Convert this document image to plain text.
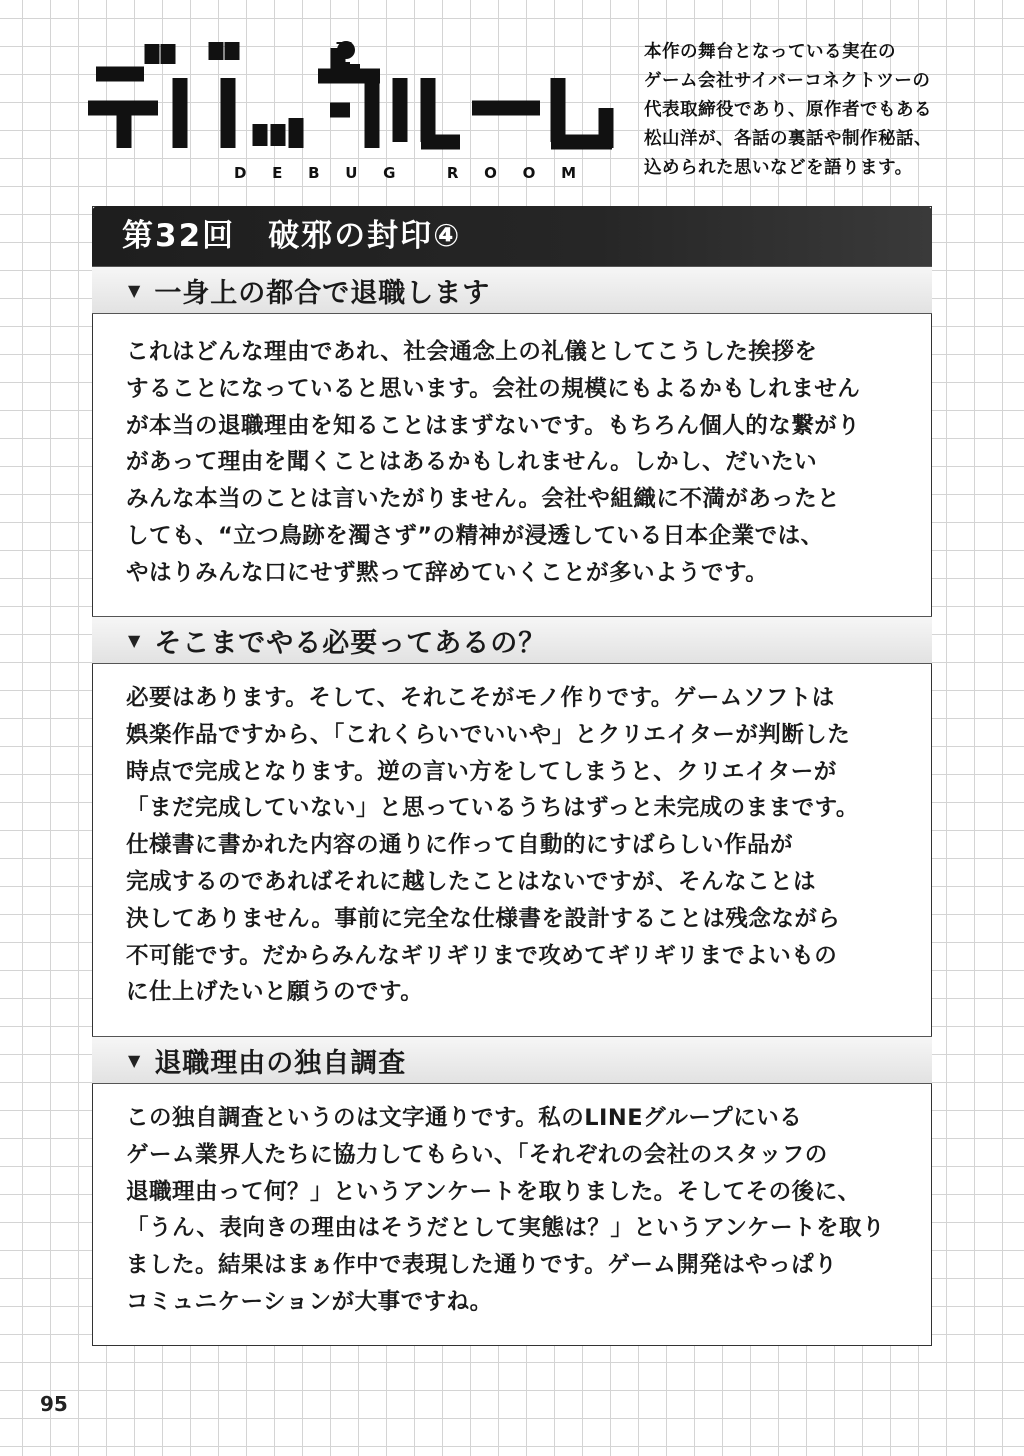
D E B U G	R O O M
本作の舞台となっている実在の
ゲーム会社サイバーコネクトツーの
代表取締役であり、原作者でもある
松山洋が、各話の裏話や制作秘話、
込められた思いなどを語ります。
第32回　破邪の封印④
▼ 一身上の都合で退職します
これはどんな理由であれ、社会通念上の礼儀としてこうした挨拶を
することになっていると思います。会社の規模にもよるかもしれません
が本当の退職理由を知ることはまずないです。もちろん個人的な繋がり
があって理由を聞くことはあるかもしれません。しかし、だいたい
みんな本当のことは言いたがりません。会社や組織に不満があったと
しても、“立つ鳥跡を濁さず”の精神が浸透している日本企業では、
やはりみんな口にせず黙って辞めていくことが多いようです。
▼ そこまでやる必要ってあるの？
必要はあります。そして、それこそがモノ作りです。ゲームソフトは
娯楽作品ですから、「これくらいでいいや」とクリエイターが判断した
時点で完成となります。逆の言い方をしてしまうと、クリエイターが
「まだ完成していない」と思っているうちはずっと未完成のままです。
仕様書に書かれた内容の通りに作って自動的にすばらしい作品が
完成するのであればそれに越したことはないですが、そんなことは
決してありません。事前に完全な仕様書を設計することは残念ながら
不可能です。だからみんなギリギリまで攻めてギリギリまでよいもの
に仕上げたいと願うのです。
▼ 退職理由の独自調査
この独自調査というのは文字通りです。私のLINEグループにいる
ゲーム業界人たちに協力してもらい、「それぞれの会社のスタッフの
退職理由って何？」というアンケートを取りました。そしてその後に、
「うん、表向きの理由はそうだとして実態は？」というアンケートを取り
ました。結果はまぁ作中で表現した通りです。ゲーム開発はやっぱり
コミュニケーションが大事ですね。
95
